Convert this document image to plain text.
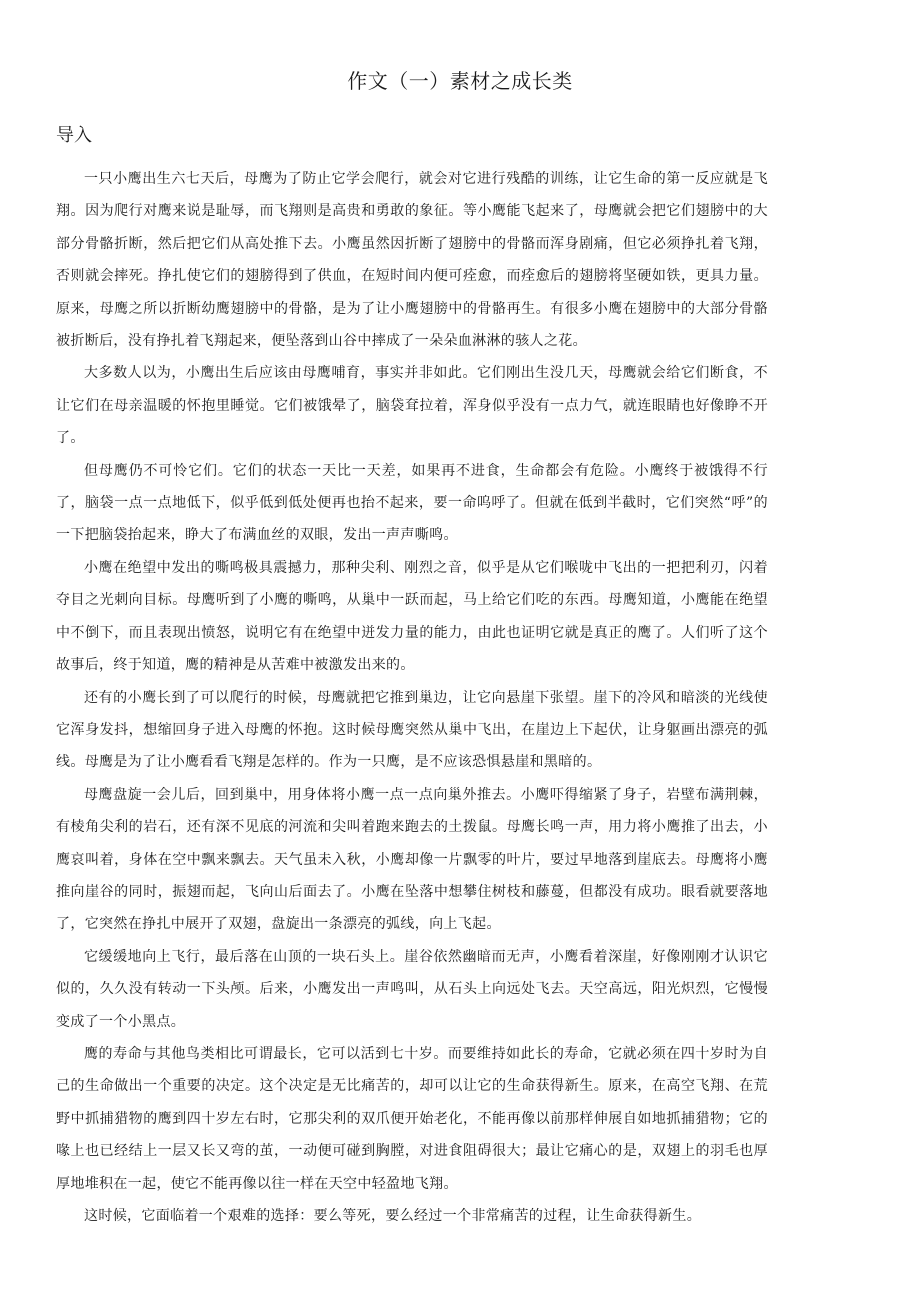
作文（一）素材之成长类
导入

一只小鹰出生六七天后，母鹰为了防止它学会爬行，就会对它进行残酷的训练，让它生命的第一反应就是飞翔。因为爬行对鹰来说是耻辱，而飞翔则是高贵和勇敢的象征。等小鹰能飞起来了，母鹰就会把它们翅膀中的大部分骨骼折断，然后把它们从高处推下去。小鹰虽然因折断了翅膀中的骨骼而浑身剧痛，但它必须挣扎着飞翔，否则就会摔死。挣扎使它们的翅膀得到了供血，在短时间内便可痊愈，而痊愈后的翅膀将坚硬如铁，更具力量。原来，母鹰之所以折断幼鹰翅膀中的骨骼，是为了让小鹰翅膀中的骨骼再生。有很多小鹰在翅膀中的大部分骨骼被折断后，没有挣扎着飞翔起来，便坠落到山谷中摔成了一朵朵血淋淋的骇人之花。

大多数人以为，小鹰出生后应该由母鹰哺育，事实并非如此。它们刚出生没几天，母鹰就会给它们断食，不让它们在母亲温暖的怀抱里睡觉。它们被饿晕了，脑袋耷拉着，浑身似乎没有一点力气，就连眼睛也好像睁不开了。

但母鹰仍不可怜它们。它们的状态一天比一天差，如果再不进食，生命都会有危险。小鹰终于被饿得不行了，脑袋一点一点地低下，似乎低到低处便再也抬不起来，要一命呜呼了。但就在低到半截时，它们突然“呼”的一下把脑袋抬起来，睁大了布满血丝的双眼，发出一声声嘶鸣。

小鹰在绝望中发出的嘶鸣极具震撼力，那种尖利、刚烈之音，似乎是从它们喉咙中飞出的一把把利刃，闪着夺目之光刺向目标。母鹰听到了小鹰的嘶鸣，从巢中一跃而起，马上给它们吃的东西。母鹰知道，小鹰能在绝望中不倒下，而且表现出愤怒，说明它有在绝望中迸发力量的能力，由此也证明它就是真正的鹰了。人们听了这个故事后，终于知道，鹰的精神是从苦难中被激发出来的。

还有的小鹰长到了可以爬行的时候，母鹰就把它推到巢边，让它向悬崖下张望。崖下的冷风和暗淡的光线使它浑身发抖，想缩回身子进入母鹰的怀抱。这时候母鹰突然从巢中飞出，在崖边上下起伏，让身躯画出漂亮的弧线。母鹰是为了让小鹰看看飞翔是怎样的。作为一只鹰，是不应该恐惧悬崖和黑暗的。

母鹰盘旋一会儿后，回到巢中，用身体将小鹰一点一点向巢外推去。小鹰吓得缩紧了身子，岩壁布满荆棘，有棱角尖利的岩石，还有深不见底的河流和尖叫着跑来跑去的土拨鼠。母鹰长鸣一声，用力将小鹰推了出去，小鹰哀叫着，身体在空中飘来飘去。天气虽未入秋，小鹰却像一片飘零的叶片，要过早地落到崖底去。母鹰将小鹰推向崖谷的同时，振翅而起，飞向山后面去了。小鹰在坠落中想攀住树枝和藤蔓，但都没有成功。眼看就要落地了，它突然在挣扎中展开了双翅，盘旋出一条漂亮的弧线，向上飞起。

它缓缓地向上飞行，最后落在山顶的一块石头上。崖谷依然幽暗而无声，小鹰看着深崖，好像刚刚才认识它似的，久久没有转动一下头颅。后来，小鹰发出一声鸣叫，从石头上向远处飞去。天空高远，阳光炽烈，它慢慢变成了一个小黑点。

鹰的寿命与其他鸟类相比可谓最长，它可以活到七十岁。而要维持如此长的寿命，它就必须在四十岁时为自己的生命做出一个重要的决定。这个决定是无比痛苦的，却可以让它的生命获得新生。原来，在高空飞翔、在荒野中抓捕猎物的鹰到四十岁左右时，它那尖利的双爪便开始老化，不能再像以前那样伸展自如地抓捕猎物；它的喙上也已经结上一层又长又弯的茧，一动便可碰到胸膛，对进食阻碍很大；最让它痛心的是，双翅上的羽毛也厚厚地堆积在一起，使它不能再像以往一样在天空中轻盈地飞翔。

这时候，它面临着一个艰难的选择：要么等死，要么经过一个非常痛苦的过程，让生命获得新生。
